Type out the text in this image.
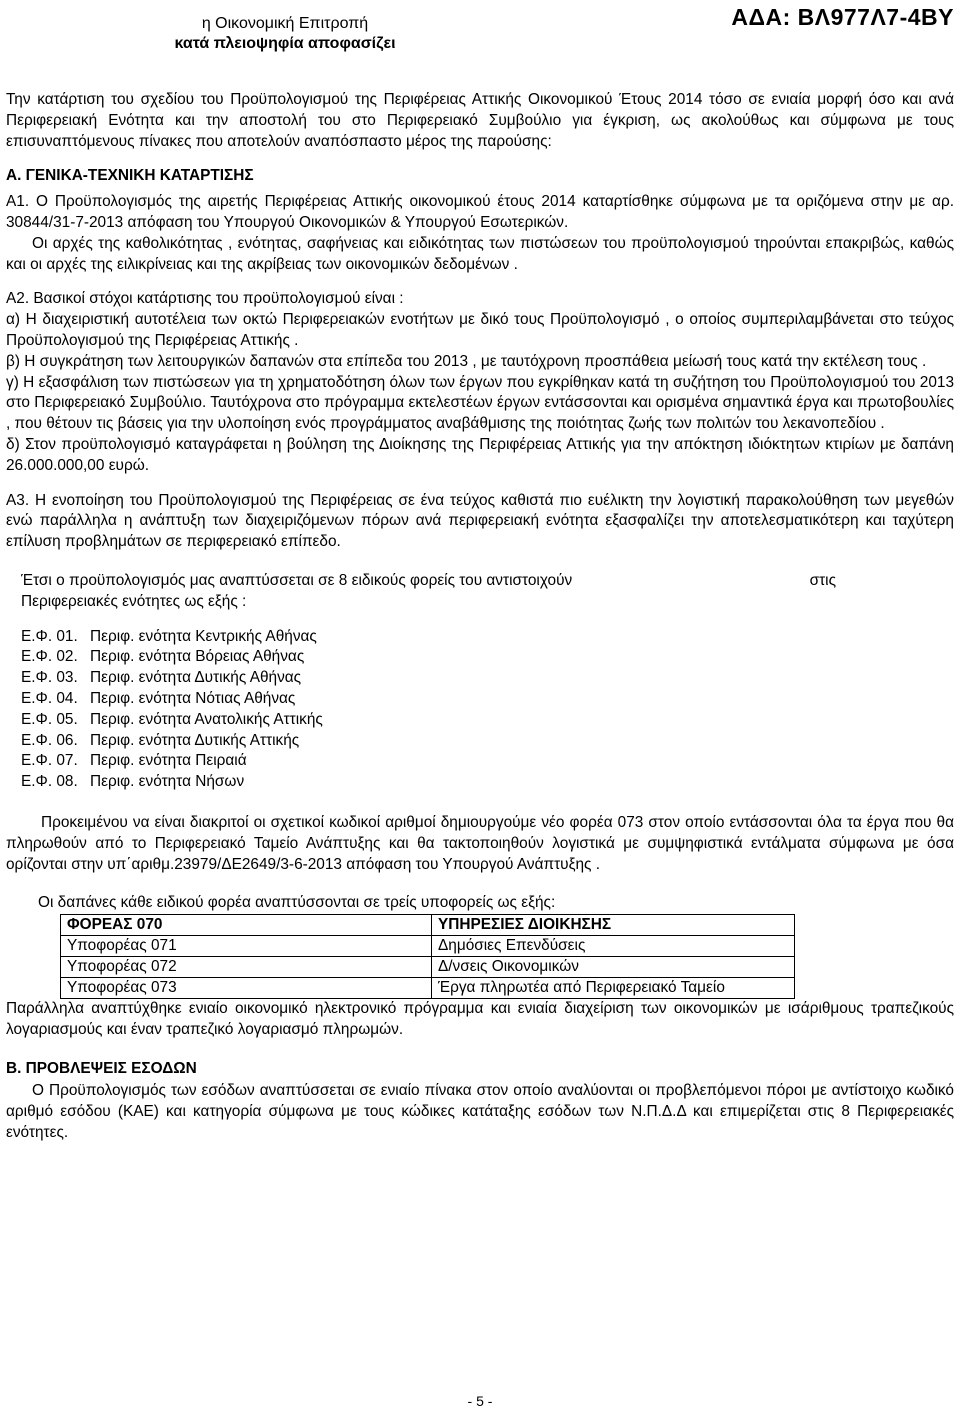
η Οικονομική Επιτροπή
κατά πλειοψηφία αποφασίζει
ΑΔΑ: ΒΛ977Λ7-4ΒΥ

Την κατάρτιση του σχεδίου του Προϋπολογισμού της Περιφέρειας Αττικής Οικονομικού Έτους 2014 τόσο σε ενιαία μορφή όσο και ανά Περιφερειακή Ενότητα και την αποστολή του στο Περιφερειακό Συμβούλιο για έγκριση, ως ακολούθως και σύμφωνα με τους επισυναπτόμενους πίνακες που αποτελούν αναπόσπαστο μέρος της παρούσης:

Α. ΓΕΝΙΚΑ-ΤΕΧΝΙΚΗ ΚΑΤΑΡΤΙΣΗΣ

Α1. Ο Προϋπολογισμός της αιρετής Περιφέρειας Αττικής οικονομικού έτους 2014 καταρτίσθηκε σύμφωνα με τα οριζόμενα στην με αρ. 30844/31-7-2013 απόφαση του Υπουργού Οικονομικών & Υπουργού Εσωτερικών.

Οι αρχές της καθολικότητας , ενότητας, σαφήνειας και ειδικότητας των πιστώσεων του προϋπολογισμού τηρούνται επακριβώς, καθώς και οι αρχές της ειλικρίνειας και της ακρίβειας των οικονομικών δεδομένων .

Α2. Βασικοί στόχοι κατάρτισης του προϋπολογισμού είναι :

α) Η διαχειριστική αυτοτέλεια των οκτώ Περιφερειακών ενοτήτων με δικό τους Προϋπολογισμό , ο οποίος συμπεριλαμβάνεται στο τεύχος Προϋπολογισμού της Περιφέρειας Αττικής .

β) Η συγκράτηση των λειτουργικών δαπανών στα επίπεδα του 2013 , με ταυτόχρονη προσπάθεια μείωσή τους κατά την εκτέλεση τους .

γ) Η εξασφάλιση των πιστώσεων για τη χρηματοδότηση όλων των έργων που εγκρίθηκαν κατά τη συζήτηση του Προϋπολογισμού του 2013 στο Περιφερειακό Συμβούλιο. Ταυτόχρονα στο πρόγραμμα εκτελεστέων έργων εντάσσονται και ορισμένα σημαντικά έργα και πρωτοβουλίες , που θέτουν τις βάσεις για την υλοποίηση ενός προγράμματος αναβάθμισης της ποιότητας ζωής των πολιτών του λεκανοπεδίου .

δ) Στον προϋπολογισμό καταγράφεται η βούληση της Διοίκησης της Περιφέρειας Αττικής για την απόκτηση ιδιόκτητων κτιρίων με δαπάνη 26.000.000,00 ευρώ.

Α3. Η ενοποίηση του Προϋπολογισμού της Περιφέρειας σε ένα τεύχος καθιστά πιο ευέλικτη την λογιστική παρακολούθηση των μεγεθών ενώ παράλληλα η ανάπτυξη των διαχειριζόμενων πόρων ανά περιφερειακή ενότητα εξασφαλίζει την αποτελεσματικότερη και ταχύτερη επίλυση προβλημάτων σε περιφερειακό επίπεδο.

Έτσι ο προϋπολογισμός μας αναπτύσσεται σε 8 ειδικούς φορείς του αντιστοιχούν	στις
Περιφερειακές ενότητες ως εξής :
Ε.Φ. 01. Περιφ. ενότητα Κεντρικής Αθήνας
Ε.Φ. 02. Περιφ. ενότητα Βόρειας Αθήνας
Ε.Φ. 03. Περιφ. ενότητα Δυτικής Αθήνας
Ε.Φ. 04. Περιφ. ενότητα Νότιας Αθήνας
Ε.Φ. 05. Περιφ. ενότητα Ανατολικής Αττικής
Ε.Φ. 06. Περιφ. ενότητα Δυτικής Αττικής
Ε.Φ. 07. Περιφ. ενότητα Πειραιά
Ε.Φ. 08. Περιφ. ενότητα Νήσων

Προκειμένου να είναι διακριτοί οι σχετικοί κωδικοί αριθμοί δημιουργούμε νέο φορέα 073 στον οποίο εντάσσονται όλα τα έργα που θα πληρωθούν από το Περιφερειακό Ταμείο Ανάπτυξης και θα τακτοποιηθούν λογιστικά με συμψηφιστικά εντάλματα σύμφωνα με όσα ορίζονται στην υπ΄αριθμ.23979/ΔΕ2649/3-6-2013 απόφαση του Υπουργού Ανάπτυξης .

Οι δαπάνες κάθε ειδικού φορέα αναπτύσσονται σε τρείς υποφορείς ως εξής:

ΦΟΡΕΑΣ 070	ΥΠΗΡΕΣΙΕΣ ΔΙΟΙΚΗΣΗΣ
Υποφορέας 071	Δημόσιες Επενδύσεις
Υποφορέας 072	Δ/νσεις Οικονομικών
Υποφορέας 073	Έργα πληρωτέα από Περιφερειακό Ταμείο

Παράλληλα αναπτύχθηκε ενιαίο οικονομικό ηλεκτρονικό πρόγραμμα και ενιαία διαχείριση των οικονομικών με ισάριθμους τραπεζικούς λογαριασμούς και έναν τραπεζικό λογαριασμό πληρωμών.

Β. ΠΡΟΒΛΕΨΕΙΣ ΕΣΟΔΩΝ

Ο Προϋπολογισμός των εσόδων αναπτύσσεται σε ενιαίο πίνακα στον οποίο αναλύονται οι προβλεπόμενοι πόροι με αντίστοιχο κωδικό αριθμό εσόδου (ΚΑΕ) και κατηγορία σύμφωνα με τους κώδικες κατάταξης εσόδων των Ν.Π.Δ.Δ και επιμερίζεται στις 8 Περιφερειακές ενότητες.

- 5 -
